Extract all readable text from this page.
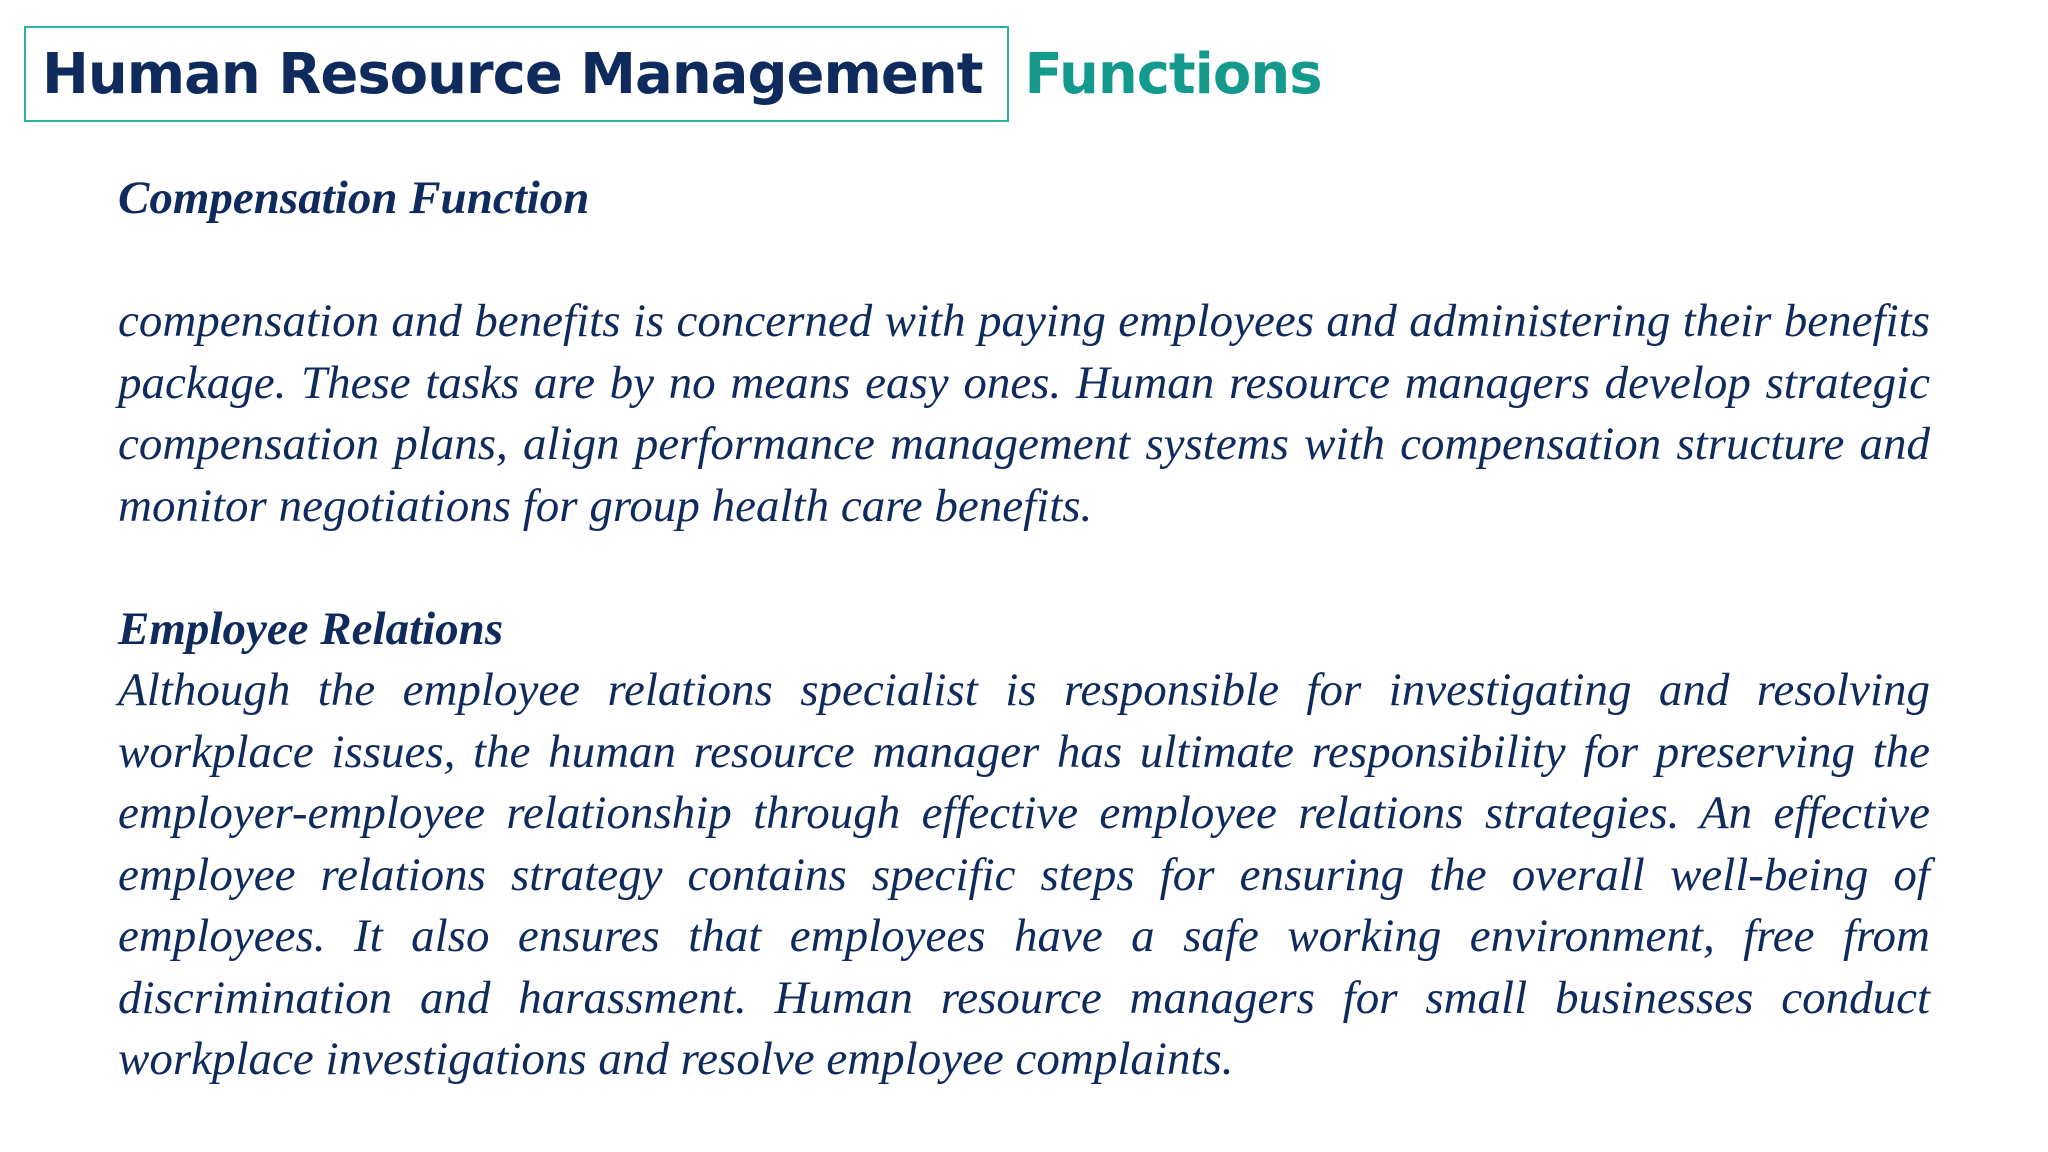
Human Resource Management Functions

Compensation Function

compensation and benefits is concerned with paying employees and administering their benefits package. These tasks are by no means easy ones. Human resource managers develop strategic compensation plans, align performance management systems with compensation structure and monitor negotiations for group health care benefits.

Employee Relations

Although the employee relations specialist is responsible for investigating and resolving workplace issues, the human resource manager has ultimate responsibility for preserving the employer-employee relationship through effective employee relations strategies. An effective employee relations strategy contains specific steps for ensuring the overall well-being of employees. It also ensures that employees have a safe working environment, free from discrimination and harassment. Human resource managers for small businesses conduct workplace investigations and resolve employee complaints.
